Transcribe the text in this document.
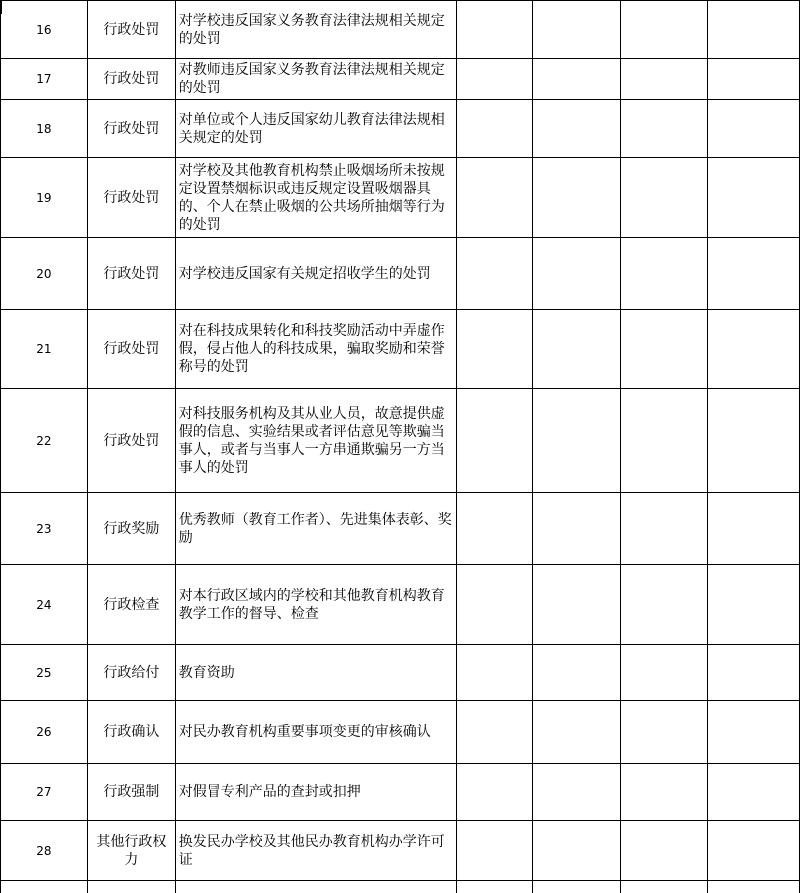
16	行政处罚	对学校违反国家义务教育法律法规相关规定的处罚				
17	行政处罚	对教师违反国家义务教育法律法规相关规定的处罚				
18	行政处罚	对单位或个人违反国家幼儿教育法律法规相关规定的处罚				
19	行政处罚	对学校及其他教育机构禁止吸烟场所未按规定设置禁烟标识或违反规定设置吸烟器具的、个人在禁止吸烟的公共场所抽烟等行为的处罚				
20	行政处罚	对学校违反国家有关规定招收学生的处罚				
21	行政处罚	对在科技成果转化和科技奖励活动中弄虚作假，侵占他人的科技成果，骗取奖励和荣誉称号的处罚				
22	行政处罚	对科技服务机构及其从业人员，故意提供虚假的信息、实验结果或者评估意见等欺骗当事人，或者与当事人一方串通欺骗另一方当事人的处罚				
23	行政奖励	优秀教师（教育工作者）、先进集体表彰、奖励				
24	行政检查	对本行政区域内的学校和其他教育机构教育教学工作的督导、检查				
25	行政给付	教育资助				
26	行政确认	对民办教育机构重要事项变更的审核确认				
27	行政强制	对假冒专利产品的查封或扣押				
28	其他行政权力	换发民办学校及其他民办教育机构办学许可证				
